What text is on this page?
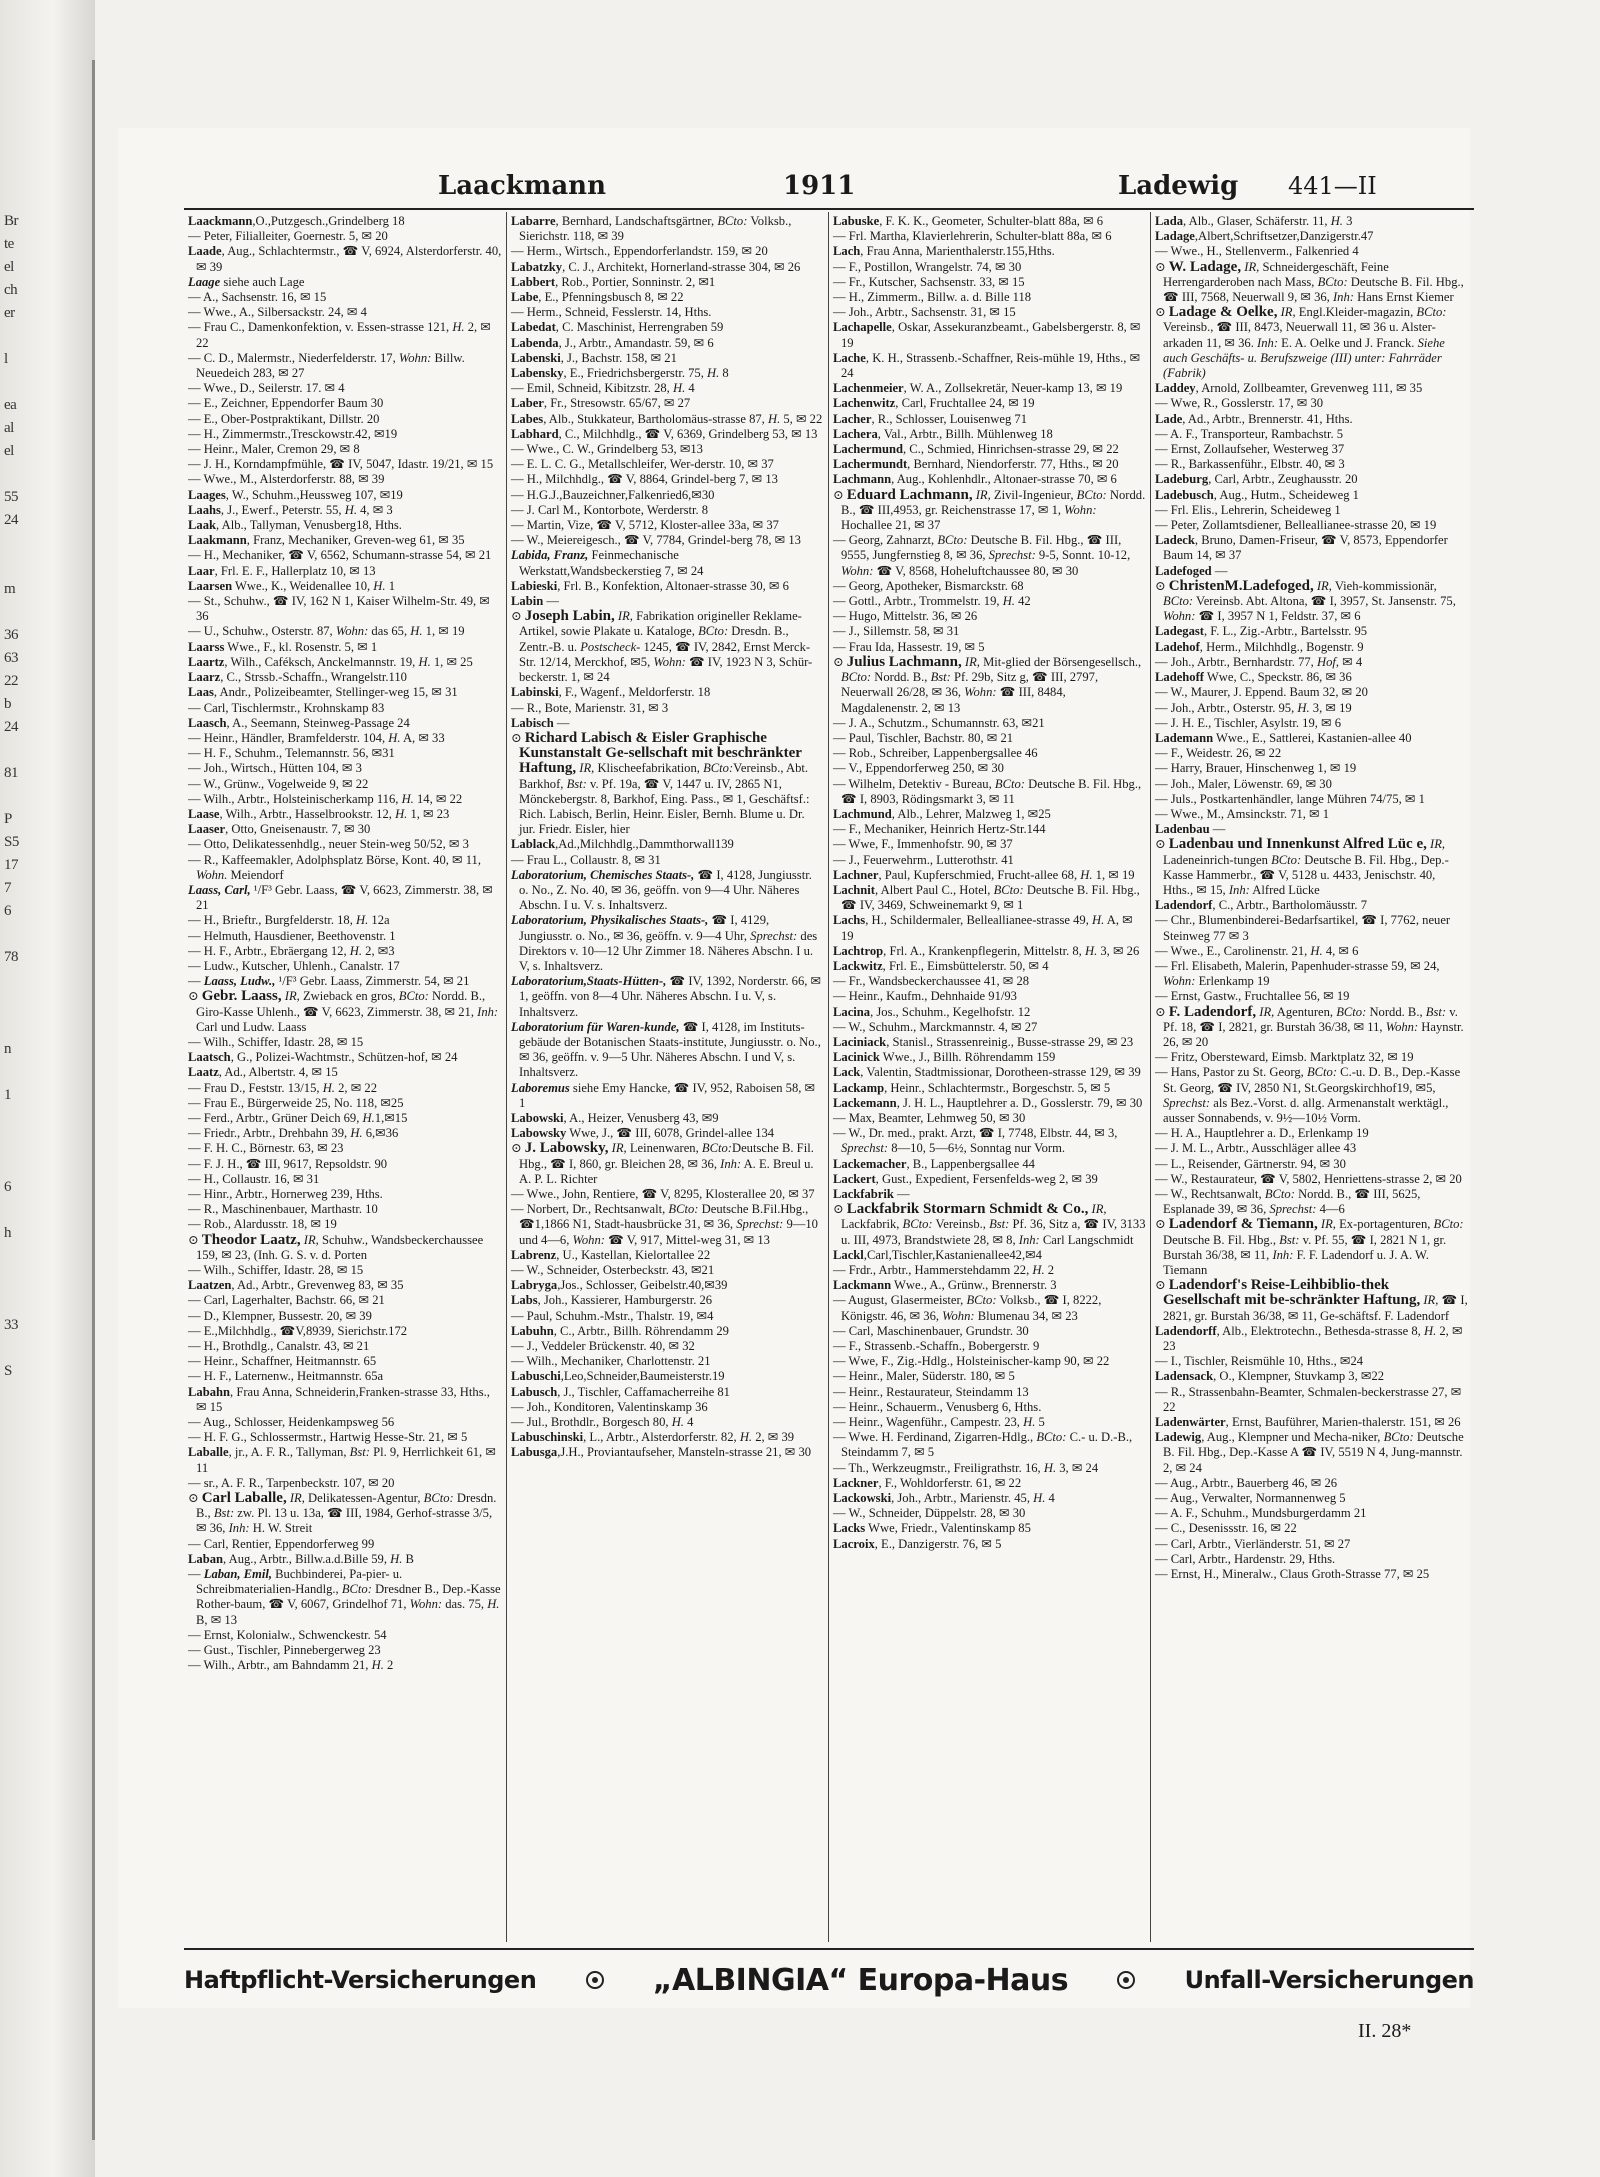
Br
te
el
ch
er

l

ea
al
el

55
24

m

36
63
22
b
24

81

P
S5
17
7
6

78

n

1

6

h

33

S
Laackmann	1911	Ladewig 441—II

Laackmann,O.,Putzgesch.,Grindelberg 18

— Peter, Filialleiter, Goernestr. 5, ✉ 20

Laade, Aug., Schlachtermstr., ☎ V, 6924, Alsterdorferstr. 40, ✉ 39

Laage siehe auch Lage

— A., Sachsenstr. 16, ✉ 15

— Wwe., A., Silbersackstr. 24, ✉ 4

— Frau C., Damenkonfektion, v. Essen-strasse 121, H. 2, ✉ 22

— C. D., Malermstr., Niederfelderstr. 17, Wohn: Billw. Neuedeich 283, ✉ 27

— Wwe., D., Seilerstr. 17. ✉ 4

— E., Zeichner, Eppendorfer Baum 30

— E., Ober-Postpraktikant, Dillstr. 20

— H., Zimmermstr.,Tresckowstr.42, ✉19

— Heinr., Maler, Cremon 29, ✉ 8

— J. H., Korndampfmühle, ☎ IV, 5047, Idastr. 19/21, ✉ 15

— Wwe., M., Alsterdorferstr. 88, ✉ 39

Laages, W., Schuhm.,Heussweg 107, ✉19

Laahs, J., Ewerf., Peterstr. 55, H. 4, ✉ 3

Laak, Alb., Tallyman, Venusberg18, Hths.

Laakmann, Franz, Mechaniker, Greven-weg 61, ✉ 35

— H., Mechaniker, ☎ V, 6562, Schumann-strasse 54, ✉ 21

Laar, Frl. E. F., Hallerplatz 10, ✉ 13

Laarsen Wwe., K., Weidenallee 10, H. 1

— St., Schuhw., ☎ IV, 162 N 1, Kaiser Wilhelm-Str. 49, ✉ 36

— U., Schuhw., Osterstr. 87, Wohn: das 65, H. 1, ✉ 19

Laarss Wwe., F., kl. Rosenstr. 5, ✉ 1

Laartz, Wilh., Caféksch, Anckelmannstr. 19, H. 1, ✉ 25

Laarz, C., Strssb.-Schaffn., Wrangelstr.110

Laas, Andr., Polizeibeamter, Stellinger-weg 15, ✉ 31

— Carl, Tischlermstr., Krohnskamp 83

Laasch, A., Seemann, Steinweg-Passage 24

— Heinr., Händler, Bramfelderstr. 104, H. A, ✉ 33

— H. F., Schuhm., Telemannstr. 56, ✉31

— Joh., Wirtsch., Hütten 104, ✉ 3

— W., Grünw., Vogelweide 9, ✉ 22

— Wilh., Arbtr., Holsteinischerkamp 116, H. 14, ✉ 22

Laase, Wilh., Arbtr., Hasselbrookstr. 12, H. 1, ✉ 23

Laaser, Otto, Gneisenaustr. 7, ✉ 30

— Otto, Delikatessenhdlg., neuer Stein-weg 50/52, ✉ 3

— R., Kaffeemakler, Adolphsplatz Börse, Kont. 40, ✉ 11, Wohn. Meiendorf

Laass, Carl, ¹/F³ Gebr. Laass, ☎ V, 6623, Zimmerstr. 38, ✉ 21

— H., Brieftr., Burgfelderstr. 18, H. 12a

— Helmuth, Hausdiener, Beethovenstr. 1

— H. F., Arbtr., Ebräergang 12, H. 2, ✉3

— Ludw., Kutscher, Uhlenh., Canalstr. 17

— Laass, Ludw., ¹/F³ Gebr. Laass, Zimmerstr. 54, ✉ 21

⊙ Gebr. Laass, IR, Zwieback en gros, BCto: Nordd. B., Giro-Kasse Uhlenh., ☎ V, 6623, Zimmerstr. 38, ✉ 21, Inh: Carl und Ludw. Laass

— Wilh., Schiffer, Idastr. 28, ✉ 15

Laatsch, G., Polizei-Wachtmstr., Schützen-hof, ✉ 24

Laatz, Ad., Albertstr. 4, ✉ 15

— Frau D., Feststr. 13/15, H. 2, ✉ 22

— Frau E., Bürgerweide 25, No. 118, ✉25

— Ferd., Arbtr., Grüner Deich 69, H.1,✉15

— Friedr., Arbtr., Drehbahn 39, H. 6,✉36

— F. H. C., Börnestr. 63, ✉ 23

— F. J. H., ☎ III, 9617, Repsoldstr. 90

— H., Collaustr. 16, ✉ 31

— Hinr., Arbtr., Hornerweg 239, Hths.

— R., Maschinenbauer, Marthastr. 10

— Rob., Alardusstr. 18, ✉ 19

⊙ Theodor Laatz, IR, Schuhw., Wandsbeckerchaussee 159, ✉ 23, (Inh. G. S. v. d. Porten

— Wilh., Schiffer, Idastr. 28, ✉ 15

Laatzen, Ad., Arbtr., Grevenweg 83, ✉ 35

— Carl, Lagerhalter, Bachstr. 66, ✉ 21

— D., Klempner, Bussestr. 20, ✉ 39

— E.,Milchhdlg., ☎V,8939, Sierichstr.172

— H., Brothdlg., Canalstr. 43, ✉ 21

— Heinr., Schaffner, Heitmannstr. 65

— H. F., Laternenw., Heitmannstr. 65a

Labahn, Frau Anna, Schneiderin,Franken-strasse 33, Hths., ✉ 15

— Aug., Schlosser, Heidenkampsweg 56

— H. F. G., Schlossermstr., Hartwig Hesse-Str. 21, ✉ 5

Laballe, jr., A. F. R., Tallyman, Bst: Pl. 9, Herrlichkeit 61, ✉ 11

— sr., A. F. R., Tarpenbeckstr. 107, ✉ 20

⊙ Carl Laballe, IR, Delikatessen-Agentur, BCto: Dresdn. B., Bst: zw. Pl. 13 u. 13a, ☎ III, 1984, Gerhof-strasse 3/5, ✉ 36, Inh: H. W. Streit

— Carl, Rentier, Eppendorferweg 99

Laban, Aug., Arbtr., Billw.a.d.Bille 59, H. B

— Laban, Emil, Buchbinderei, Pa-pier- u. Schreibmaterialien-Handlg., BCto: Dresdner B., Dep.-Kasse Rother-baum, ☎ V, 6067, Grindelhof 71, Wohn: das. 75, H. B, ✉ 13

— Ernst, Kolonialw., Schwenckestr. 54

— Gust., Tischler, Pinnebergerweg 23

— Wilh., Arbtr., am Bahndamm 21, H. 2

Labarre, Bernhard, Landschaftsgärtner, BCto: Volksb., Sierichstr. 118, ✉ 39

— Herm., Wirtsch., Eppendorferlandstr. 159, ✉ 20

Labatzky, C. J., Architekt, Hornerland-strasse 304, ✉ 26

Labbert, Rob., Portier, Sonninstr. 2, ✉1

Labe, E., Pfenningsbusch 8, ✉ 22

— Herm., Schneid, Fesslerstr. 14, Hths.

Labedat, C. Maschinist, Herrengraben 59

Labenda, J., Arbtr., Amandastr. 59, ✉ 6

Labenski, J., Bachstr. 158, ✉ 21

Labensky, E., Friedrichsbergerstr. 75, H. 8

— Emil, Schneid, Kibitzstr. 28, H. 4

Laber, Fr., Stresowstr. 65/67, ✉ 27

Labes, Alb., Stukkateur, Bartholomäus-strasse 87, H. 5, ✉ 22

Labhard, C., Milchhdlg., ☎ V, 6369, Grindelberg 53, ✉ 13

— Wwe., C. W., Grindelberg 53, ✉13

— E. L. C. G., Metallschleifer, Wer-derstr. 10, ✉ 37

— H., Milchhdlg., ☎ V, 8864, Grindel-berg 7, ✉ 13

— H.G.J.,Bauzeichner,Falkenried6,✉30

— J. Carl M., Kontorbote, Werderstr. 8

— Martin, Vize, ☎ V, 5712, Kloster-allee 33a, ✉ 37

— W., Meiereigesch., ☎ V, 7784, Grindel-berg 78, ✉ 13

Labida, Franz, Feinmechanische Werkstatt,Wandsbeckerstieg 7, ✉ 24

Labieski, Frl. B., Konfektion, Altonaer-strasse 30, ✉ 6

Labin —

⊙ Joseph Labin, IR, Fabrikation origineller Reklame-Artikel, sowie Plakate u. Kataloge, BCto: Dresdn. B., Zentr.-B. u. Postscheck- 1245, ☎ IV, 2842, Ernst Merck-Str. 12/14, Merckhof, ✉5, Wohn: ☎ IV, 1923 N 3, Schür-beckerstr. 1, ✉ 24

Labinski, F., Wagenf., Meldorferstr. 18

— R., Bote, Marienstr. 31, ✉ 3

Labisch —

⊙ Richard Labisch & Eisler Graphische Kunstanstalt Ge-sellschaft mit beschränkter Haftung, IR, Klischeefabrikation, BCto:Vereinsb., Abt. Barkhof, Bst: v. Pf. 19a, ☎ V, 1447 u. IV, 2865 N1, Mönckebergstr. 8, Barkhof, Eing. Pass., ✉ 1, Geschäftsf.: Rich. Labisch, Berlin, Heinr. Eisler, Bernh. Blume u. Dr. jur. Friedr. Eisler, hier

Lablack,Ad.,Milchhdlg.,Dammthorwall139

— Frau L., Collaustr. 8, ✉ 31

Laboratorium, Chemisches Staats-, ☎ I, 4128, Jungiusstr. o. No., Z. No. 40, ✉ 36, geöffn. von 9—4 Uhr. Näheres Abschn. I u. V. s. Inhaltsverz.

Laboratorium, Physikalisches Staats-, ☎ I, 4129, Jungiusstr. o. No., ✉ 36, geöffn. v. 9—4 Uhr, Sprechst: des Direktors v. 10—12 Uhr Zimmer 18. Näheres Abschn. I u. V, s. Inhaltsverz.

Laboratorium,Staats-Hütten-, ☎ IV, 1392, Norderstr. 66, ✉1, geöffn. von 8—4 Uhr. Näheres Abschn. I u. V, s. Inhaltsverz.

Laboratorium für Waren-kunde, ☎ I, 4128, im Instituts-gebäude der Botanischen Staats-institute, Jungiusstr. o. No., ✉ 36, geöffn. v. 9—5 Uhr. Näheres Abschn. I und V, s. Inhaltsverz.

Laboremus siehe Emy Hancke, ☎ IV, 952, Raboisen 58, ✉ 1

Labowski, A., Heizer, Venusberg 43, ✉9

Labowsky Wwe, J., ☎ III, 6078, Grindel-allee 134

⊙ J. Labowsky, IR, Leinenwaren, BCto:Deutsche B. Fil. Hbg., ☎ I, 860, gr. Bleichen 28, ✉ 36, Inh: A. E. Breul u. A. P. L. Richter

— Wwe., John, Rentiere, ☎ V, 8295, Klosterallee 20, ✉ 37

— Norbert, Dr., Rechtsanwalt, BCto: Deutsche B.Fil.Hbg., ☎1,1866 N1, Stadt-hausbrücke 31, ✉ 36, Sprechst: 9—10 und 4—6, Wohn: ☎ V, 917, Mittel-weg 31, ✉ 13

Labrenz, U., Kastellan, Kielortallee 22

— W., Schneider, Osterbeckstr. 43, ✉21

Labryga,Jos., Schlosser, Geibelstr.40,✉39

Labs, Joh., Kassierer, Hamburgerstr. 26

— Paul, Schuhm.-Mstr., Thalstr. 19, ✉4

Labuhn, C., Arbtr., Billh. Röhrendamm 29

— J., Veddeler Brückenstr. 40, ✉ 32

— Wilh., Mechaniker, Charlottenstr. 21

Labuschi,Leo,Schneider,Baumeisterstr.19

Labusch, J., Tischler, Caffamacherreihe 81

— Joh., Konditoren, Valentinskamp 36

— Jul., Brothdlr., Borgesch 80, H. 4

Labuschinski, L., Arbtr., Alsterdorferstr. 82, H. 2, ✉ 39

Labusga,J.H., Proviantaufseher, Mansteln-strasse 21, ✉ 30

Labuske, F. K. K., Geometer, Schulter-blatt 88a, ✉ 6

— Frl. Martha, Klavierlehrerin, Schulter-blatt 88a, ✉ 6

Lach, Frau Anna, Marienthalerstr.155,Hths.

— F., Postillon, Wrangelstr. 74, ✉ 30

— Fr., Kutscher, Sachsenstr. 33, ✉ 15

— H., Zimmerm., Billw. a. d. Bille 118

— Joh., Arbtr., Sachsenstr. 31, ✉ 15

Lachapelle, Oskar, Assekuranzbeamt., Gabelsbergerstr. 8, ✉ 19

Lache, K. H., Strassenb.-Schaffner, Reis-mühle 19, Hths., ✉ 24

Lachenmeier, W. A., Zollsekretär, Neuer-kamp 13, ✉ 19

Lachenwitz, Carl, Fruchtallee 24, ✉ 19

Lacher, R., Schlosser, Louisenweg 71

Lachera, Val., Arbtr., Billh. Mühlenweg 18

Lachermund, C., Schmied, Hinrichsen-strasse 29, ✉ 22

Lachermundt, Bernhard, Niendorferstr. 77, Hths., ✉ 20

Lachmann, Aug., Kohlenhdlr., Altonaer-strasse 70, ✉ 6

⊙ Eduard Lachmann, IR, Zivil-Ingenieur, BCto: Nordd. B., ☎ III,4953, gr. Reichenstrasse 17, ✉ 1, Wohn: Hochallee 21, ✉ 37

— Georg, Zahnarzt, BCto: Deutsche B. Fil. Hbg., ☎ III, 9555, Jungfernstieg 8, ✉ 36, Sprechst: 9-5, Sonnt. 10-12, Wohn: ☎ V, 8568, Hoheluftchaussee 80, ✉ 30

— Georg, Apotheker, Bismarckstr. 68

— Gottl., Arbtr., Trommelstr. 19, H. 42

— Hugo, Mittelstr. 36, ✉ 26

— J., Sillemstr. 58, ✉ 31

— Frau Ida, Hassestr. 19, ✉ 5

⊙ Julius Lachmann, IR, Mit-glied der Börsengesellsch., BCto: Nordd. B., Bst: Pf. 29b, Sitz g, ☎ III, 2797, Neuerwall 26/28, ✉ 36, Wohn: ☎ III, 8484, Magdalenenstr. 2, ✉ 13

— J. A., Schutzm., Schumannstr. 63, ✉21

— Paul, Tischler, Bachstr. 80, ✉ 21

— Rob., Schreiber, Lappenbergsallee 46

— V., Eppendorferweg 250, ✉ 30

— Wilhelm, Detektiv - Bureau, BCto: Deutsche B. Fil. Hbg., ☎ I, 8903, Rödingsmarkt 3, ✉ 11

Lachmund, Alb., Lehrer, Malzweg 1, ✉25

— F., Mechaniker, Heinrich Hertz-Str.144

— Wwe, F., Immenhofstr. 90, ✉ 37

— J., Feuerwehrm., Lutterothstr. 41

Lachner, Paul, Kupferschmied, Frucht-allee 68, H. 1, ✉ 19

Lachnit, Albert Paul C., Hotel, BCto: Deutsche B. Fil. Hbg., ☎ IV, 3469, Schweinemarkt 9, ✉ 1

Lachs, H., Schildermaler, Belleallianee-strasse 49, H. A, ✉ 19

Lachtrop, Frl. A., Krankenpflegerin, Mittelstr. 8, H. 3, ✉ 26

Lackwitz, Frl. E., Eimsbüttelerstr. 50, ✉ 4

— Fr., Wandsbeckerchaussee 41, ✉ 28

— Heinr., Kaufm., Dehnhaide 91/93

Lacina, Jos., Schuhm., Kegelhofstr. 12

— W., Schuhm., Marckmannstr. 4, ✉ 27

Laciniack, Stanisl., Strassenreinig., Busse-strasse 29, ✉ 23

Lacinick Wwe., J., Billh. Röhrendamm 159

Lack, Valentin, Stadtmissionar, Dorotheen-strasse 129, ✉ 39

Lackamp, Heinr., Schlachtermstr., Borgeschstr. 5, ✉ 5

Lackemann, J. H. L., Hauptlehrer a. D., Gosslerstr. 79, ✉ 30

— Max, Beamter, Lehmweg 50, ✉ 30

— W., Dr. med., prakt. Arzt, ☎ I, 7748, Elbstr. 44, ✉ 3, Sprechst: 8—10, 5—6½, Sonntag nur Vorm.

Lackemacher, B., Lappenbergsallee 44

Lackert, Gust., Expedient, Fersenfelds-weg 2, ✉ 39

Lackfabrik —

⊙ Lackfabrik Stormarn Schmidt & Co., IR, Lackfabrik, BCto: Vereinsb., Bst: Pf. 36, Sitz a, ☎ IV, 3133 u. III, 4973, Brandstwiete 28, ✉ 8, Inh: Carl Langschmidt

Lackl,Carl,Tischler,Kastanienallee42,✉4

— Frdr., Arbtr., Hammerstehdamm 22, H. 2

Lackmann Wwe., A., Grünw., Brennerstr. 3

— August, Glasermeister, BCto: Volksb., ☎ I, 8222, Königstr. 46, ✉ 36, Wohn: Blumenau 34, ✉ 23

— Carl, Maschinenbauer, Grundstr. 30

— F., Strassenb.-Schaffn., Bobergerstr. 9

— Wwe, F., Zig.-Hdlg., Holsteinischer-kamp 90, ✉ 22

— Heinr., Maler, Süderstr. 180, ✉ 5

— Heinr., Restaurateur, Steindamm 13

— Heinr., Schauerm., Venusberg 6, Hths.

— Heinr., Wagenführ., Campestr. 23, H. 5

— Wwe. H. Ferdinand, Zigarren-Hdlg., BCto: C.- u. D.-B., Steindamm 7, ✉ 5

— Th., Werkzeugmstr., Freiligrathstr. 16, H. 3, ✉ 24

Lackner, F., Wohldorferstr. 61, ✉ 22

Lackowski, Joh., Arbtr., Marienstr. 45, H. 4

— W., Schneider, Düppelstr. 28, ✉ 30

Lacks Wwe, Friedr., Valentinskamp 85

Lacroix, E., Danzigerstr. 76, ✉ 5

Lada, Alb., Glaser, Schäferstr. 11, H. 3

Ladage,Albert,Schriftsetzer,Danzigerstr.47

— Wwe., H., Stellenverm., Falkenried 4

⊙ W. Ladage, IR, Schneidergeschäft, Feine Herrengarderoben nach Mass, BCto: Deutsche B. Fil. Hbg., ☎ III, 7568, Neuerwall 9, ✉ 36, Inh: Hans Ernst Kiemer

⊙ Ladage & Oelke, IR, Engl.Kleider-magazin, BCto: Vereinsb., ☎ III, 8473, Neuerwall 11, ✉ 36 u. Alster-arkaden 11, ✉ 36. Inh: E. A. Oelke und J. Franck. Siehe auch Geschäfts- u. Berufszweige (III) unter: Fahrräder (Fabrik)

Laddey, Arnold, Zollbeamter, Grevenweg 111, ✉ 35

— Wwe, R., Gosslerstr. 17, ✉ 30

Lade, Ad., Arbtr., Brennerstr. 41, Hths.

— A. F., Transporteur, Rambachstr. 5

— Ernst, Zollaufseher, Westerweg 37

— R., Barkassenführ., Elbstr. 40, ✉ 3

Ladeburg, Carl, Arbtr., Zeughausstr. 20

Ladebusch, Aug., Hutm., Scheideweg 1

— Frl. Elis., Lehrerin, Scheideweg 1

— Peter, Zollamtsdiener, Belleallianee-strasse 20, ✉ 19

Ladeck, Bruno, Damen-Friseur, ☎ V, 8573, Eppendorfer Baum 14, ✉ 37

Ladefoged —

⊙ ChristenM.Ladefoged, IR, Vieh-kommissionär, BCto: Vereinsb. Abt. Altona, ☎ I, 3957, St. Jansenstr. 75, Wohn: ☎ I, 3957 N 1, Feldstr. 37, ✉ 6

Ladegast, F. L., Zig.-Arbtr., Bartelsstr. 95

Ladehof, Herm., Milchhdlg., Bogenstr. 9

— Joh., Arbtr., Bernhardstr. 77, Hof, ✉ 4

Ladehoff Wwe, C., Speckstr. 86, ✉ 36

— W., Maurer, J. Eppend. Baum 32, ✉ 20

— Joh., Arbtr., Osterstr. 95, H. 3, ✉ 19

— J. H. E., Tischler, Asylstr. 19, ✉ 6

Lademann Wwe., E., Sattlerei, Kastanien-allee 40

— F., Weidestr. 26, ✉ 22

— Harry, Brauer, Hinschenweg 1, ✉ 19

— Joh., Maler, Löwenstr. 69, ✉ 30

— Juls., Postkartenhändler, lange Mühren 74/75, ✉ 1

— Wwe., M., Amsinckstr. 71, ✉ 1

Ladenbau —

⊙ Ladenbau und Innenkunst Alfred Lüc e, IR, Ladeneinrich-tungen BCto: Deutsche B. Fil. Hbg., Dep.-Kasse Hammerbr., ☎ V, 5128 u. 4433, Jenischstr. 40, Hths., ✉ 15, Inh: Alfred Lücke

Ladendorf, C., Arbtr., Bartholomäusstr. 7

— Chr., Blumenbinderei-Bedarfsartikel, ☎ I, 7762, neuer Steinweg 77 ✉ 3

— Wwe., E., Carolinenstr. 21, H. 4, ✉ 6

— Frl. Elisabeth, Malerin, Papenhuder-strasse 59, ✉ 24, Wohn: Erlenkamp 19

— Ernst, Gastw., Fruchtallee 56, ✉ 19

⊙ F. Ladendorf, IR, Agenturen, BCto: Nordd. B., Bst: v. Pf. 18, ☎ I, 2821, gr. Burstah 36/38, ✉ 11, Wohn: Haynstr. 26, ✉ 20

— Fritz, Obersteward, Eimsb. Marktplatz 32, ✉ 19

— Hans, Pastor zu St. Georg, BCto: C.-u. D. B., Dep.-Kasse St. Georg, ☎ IV, 2850 N1, St.Georgskirchhof19, ✉5, Sprechst: als Bez.-Vorst. d. allg. Armenanstalt werktägl., ausser Sonnabends, v. 9½—10½ Vorm.

— H. A., Hauptlehrer a. D., Erlenkamp 19

— J. M. L., Arbtr., Ausschläger allee 43

— L., Reisender, Gärtnerstr. 94, ✉ 30

— W., Restaurateur, ☎ V, 5802, Henriettens-strasse 2, ✉ 20

— W., Rechtsanwalt, BCto: Nordd. B., ☎ III, 5625, Esplanade 39, ✉ 36, Sprechst: 4—6

⊙ Ladendorf & Tiemann, IR, Ex-portagenturen, BCto: Deutsche B. Fil. Hbg., Bst: v. Pf. 55, ☎ I, 2821 N 1, gr. Burstah 36/38, ✉ 11, Inh: F. F. Ladendorf u. J. A. W. Tiemann

⊙ Ladendorf's Reise-Leihbiblio-thek Gesellschaft mit be-schränkter Haftung, IR, ☎ I, 2821, gr. Burstah 36/38, ✉ 11, Ge-schäftsf. F. Ladendorf

Ladendorff, Alb., Elektrotechn., Bethesda-strasse 8, H. 2, ✉ 23

— I., Tischler, Reismühle 10, Hths., ✉24

Ladensack, O., Klempner, Stuvkamp 3, ✉22

— R., Strassenbahn-Beamter, Schmalen-beckerstrasse 27, ✉ 22

Ladenwärter, Ernst, Bauführer, Marien-thalerstr. 151, ✉ 26

Ladewig, Aug., Klempner und Mecha-niker, BCto: Deutsche B. Fil. Hbg., Dep.-Kasse A ☎ IV, 5519 N 4, Jung-mannstr. 2, ✉ 24

— Aug., Arbtr., Bauerberg 46, ✉ 26

— Aug., Verwalter, Normannenweg 5

— A. F., Schuhm., Mundsburgerdamm 21

— C., Desenissstr. 16, ✉ 22

— Carl, Arbtr., Vierländerstr. 51, ✉ 27

— Carl, Arbtr., Hardenstr. 29, Hths.

— Ernst, H., Mineralw., Claus Groth-Strasse 77, ✉ 25

Haftpflicht-Versicherungen	„ALBINGIA“ Europa-Haus	Unfall-Versicherungen
II. 28*
